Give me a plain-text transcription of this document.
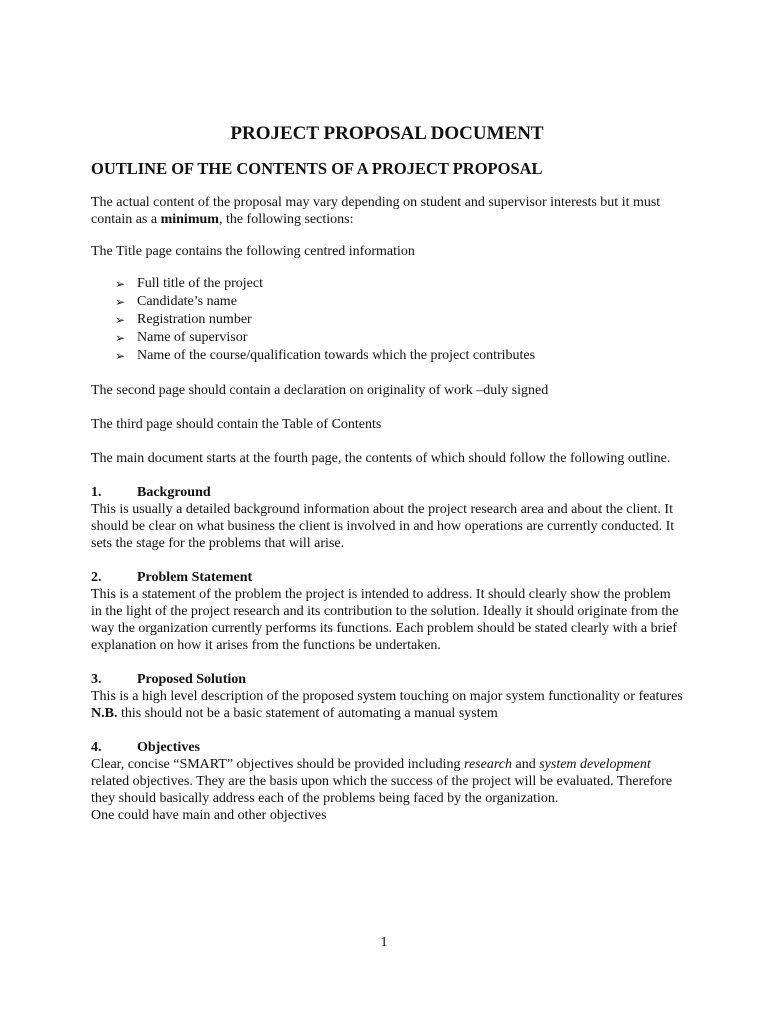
PROJECT PROPOSAL DOCUMENT
OUTLINE OF THE CONTENTS OF A PROJECT PROPOSAL

The actual content of the proposal may vary depending on student and supervisor interests but it must contain as a minimum, the following sections:

The Title page contains the following centred information

➢ Full title of the project
➢ Candidate’s name
➢ Registration number
➢ Name of supervisor
➢ Name of the course/qualification towards which the project contributes

The second page should contain a declaration on originality of work –duly signed

The third page should contain the Table of Contents

The main document starts at the fourth page, the contents of which should follow the following outline.

1.	Background

This is usually a detailed background information about the project research area and about the client. It should be clear on what business the client is involved in and how operations are currently conducted. It sets the stage for the problems that will arise.

2.	Problem Statement

This is a statement of the problem the project is intended to address. It should clearly show the problem in the light of the project research and its contribution to the solution. Ideally it should originate from the way the organization currently performs its functions. Each problem should be stated clearly with a brief explanation on how it arises from the functions be undertaken.

3.	Proposed Solution

This is a high level description of the proposed system touching on major system functionality or features

N.B. this should not be a basic statement of automating a manual system

4.	Objectives

Clear, concise “SMART” objectives should be provided including research and system development related objectives. They are the basis upon which the success of the project will be evaluated. Therefore they should basically address each of the problems being faced by the organization.

One could have main and other objectives

1
